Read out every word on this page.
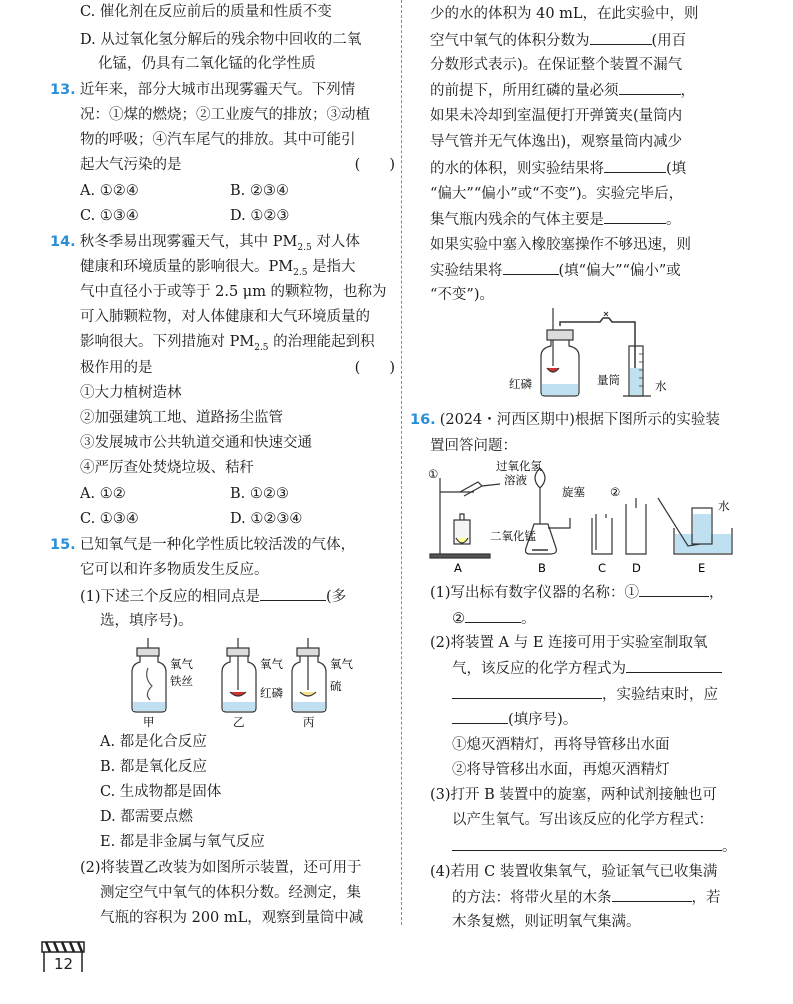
C. 催化剂在反应前后的质量和性质不变
D. 从过氧化氢分解后的残余物中回收的二氧
化锰，仍具有二氧化锰的化学性质
13. 近年来，部分大城市出现雾霾天气。下列情
况：①煤的燃烧；②工业废气的排放；③动植
物的呼吸；④汽车尾气的排放。其中可能引
起大气污染的是	(　　)
A. ①②④	B. ②③④
C. ①③④	D. ①②③
14. 秋冬季易出现雾霾天气，其中 $PM_{2.5}$ 对人体
健康和环境质量的影响很大。$PM_{2.5}$ 是指大
气中直径小于或等于 2.5 μm 的颗粒物，也称为
可入肺颗粒物，对人体健康和大气环境质量的
影响很大。下列措施对 $PM_{2.5}$ 的治理能起到积
极作用的是	(　　)
①大力植树造林
②加强建筑工地、道路扬尘监管
③发展城市公共轨道交通和快速交通
④严厉查处焚烧垃圾、秸秆
A. ①②	B. ①②③
C. ①③④	D. ①②③④
15. 已知氧气是一种化学性质比较活泼的气体，
它可以和许多物质发生反应。
(1)下述三个反应的相同点是	(多
选，填序号)。
氧气
铁丝
氧气
红磷
氧气
硫
甲	乙	丙
A. 都是化合反应
B. 都是氧化反应
C. 生成物都是固体
D. 都需要点燃
E. 都是非金属与氧气反应
(2)将装置乙改装为如图所示装置，还可用于
测定空气中氧气的体积分数。经测定，集
气瓶的容积为 200 mL，观察到量筒中减
12
少的水的体积为 40 mL，在此实验中，则
空气中氧气的体积分数为	(用百
分数形式表示)。在保证整个装置不漏气
的前提下，所用红磷的量必须	，
如果未冷却到室温便打开弹簧夹(量筒内
导气管并无气体逸出)，观察量筒内减少
的水的体积，则实验结果将	(填
“偏大”“偏小”或“不变”)。实验完毕后，
集气瓶内残余的气体主要是	。
如果实验中塞入橡胶塞操作不够迅速，则
实验结果将	(填“偏大”“偏小”或
“不变”)。
红磷	量筒	水
16. (2024・河西区期中)根据下图所示的实验装
置回答问题：
①
过氧化氢
溶液
旋塞 ②
二氧化锰
水
A	B	C D	E
(1)写出标有数字仪器的名称：①	，
②	。
(2)将装置 A 与 E 连接可用于实验室制取氧
气，该反应的化学方程式为
，实验结束时，应
(填序号)。
①熄灭酒精灯，再将导管移出水面
②将导管移出水面，再熄灭酒精灯
(3)打开 B 装置中的旋塞，两种试剂接触也可
以产生氧气。写出该反应的化学方程式：
。
(4)若用 C 装置收集氧气，验证氧气已收集满
的方法：将带火星的木条	，若
木条复燃，则证明氧气集满。
